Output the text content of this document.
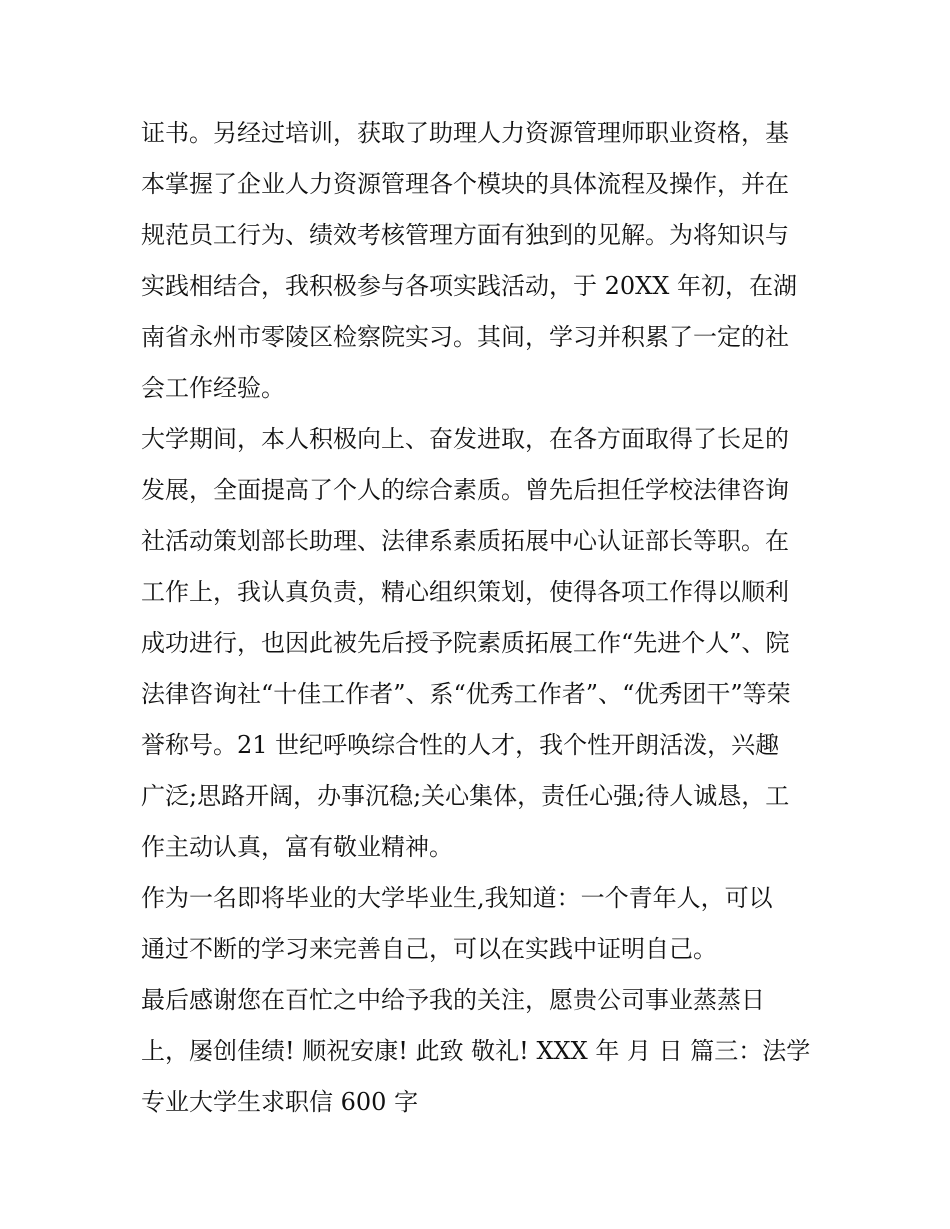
证书。另经过培训，获取了助理人力资源管理师职业资格，基
本掌握了企业人力资源管理各个模块的具体流程及操作，并在
规范员工行为、绩效考核管理方面有独到的见解。为将知识与
实践相结合，我积极参与各项实践活动，于 20XX 年初，在湖
南省永州市零陵区检察院实习。其间，学习并积累了一定的社
会工作经验。
大学期间，本人积极向上、奋发进取，在各方面取得了长足的
发展，全面提高了个人的综合素质。曾先后担任学校法律咨询
社活动策划部长助理、法律系素质拓展中心认证部长等职。在
工作上，我认真负责，精心组织策划，使得各项工作得以顺利
成功进行，也因此被先后授予院素质拓展工作“先进个人”、院
法律咨询社“十佳工作者”、系“优秀工作者”、“优秀团干”等荣
誉称号。21 世纪呼唤综合性的人才，我个性开朗活泼，兴趣
广泛;思路开阔，办事沉稳;关心集体，责任心强;待人诚恳，工
作主动认真，富有敬业精神。
作为一名即将毕业的大学毕业生,我知道：一个青年人，可以
通过不断的学习来完善自己，可以在实践中证明自己。
最后感谢您在百忙之中给予我的关注，愿贵公司事业蒸蒸日
上，屡创佳绩! 顺祝安康! 此致 敬礼! XXX 年 月 日 篇三：法学
专业大学生求职信 600 字
